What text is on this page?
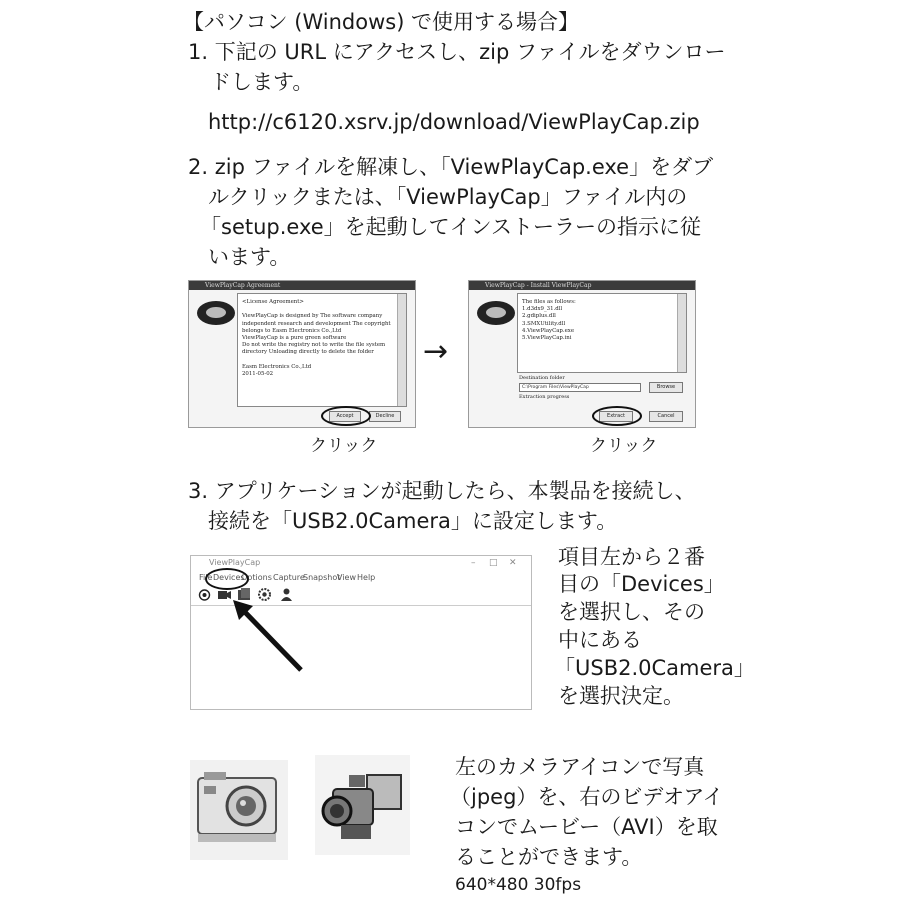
【パソコン (Windows) で使用する場合】
1. 下記の URL にアクセスし、zip ファイルをダウンロー
ドします。
http://c6120.xsrv.jp/download/ViewPlayCap.zip
2. zip ファイルを解凍し、「ViewPlayCap.exe」をダブ
ルクリックまたは、「ViewPlayCap」ファイル内の
「setup.exe」を起動してインストーラーの指示に従
います。
ViewPlayCap Agreement
<License Agreement>

ViewPlayCap is designed by The software company
independent research and development The copyright
belongs to Easm Electronics Co.,Ltd
ViewPlayCap is a pure green software
Do not write the registry not to write the file system
directory Unloading directly to delete the folder

Easm Electronics Co.,Ltd
2011-05-02
Accept	Decline
クリック
→
ViewPlayCap - Install ViewPlayCap
The files as follows:
1.d3dx9_31.dll
2.gdiplus.dll
3.SMXUtility.dll
4.ViewPlayCap.exe
5.ViewPlayCap.ini
Destination folder
C:\Program Files\ViewPlayCap	Browse
Extraction progress
Extract	Cancel
クリック
3. アプリケーションが起動したら、本製品を接続し、
接続を「USB2.0Camera」に設定します。
ViewPlayCap	– □ ✕
File Devices
Options Capture
Snapshot
View Help
項目左から２番
目の「Devices」
を選択し、その
中にある
「USB2.0Camera」
を選択決定。
左のカメラアイコンで写真
（jpeg）を、右のビデオアイ
コンでムービー（AVI）を取
ることができます。
640*480 30fps
